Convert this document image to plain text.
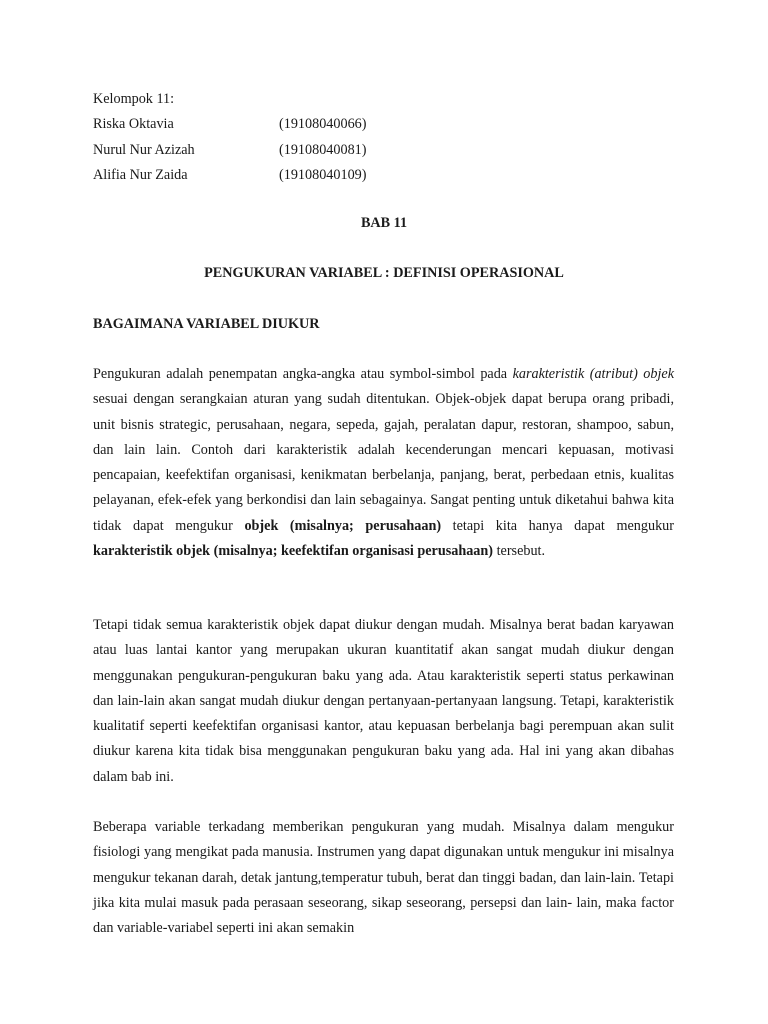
Kelompok 11:
Riska Oktavia	(19108040066)
Nurul Nur Azizah	(19108040081)
Alifia Nur Zaida	(19108040109)
BAB 11
PENGUKURAN VARIABEL : DEFINISI OPERASIONAL
BAGAIMANA VARIABEL DIUKUR

Pengukuran adalah penempatan angka-angka atau symbol-simbol pada karakteristik (atribut) objek sesuai dengan serangkaian aturan yang sudah ditentukan. Objek-objek dapat berupa orang pribadi, unit bisnis strategic, perusahaan, negara, sepeda, gajah, peralatan dapur, restoran, shampoo, sabun, dan lain lain. Contoh dari karakteristik adalah kecenderungan mencari kepuasan, motivasi pencapaian, keefektifan organisasi, kenikmatan berbelanja, panjang, berat, perbedaan etnis, kualitas pelayanan, efek-efek yang berkondisi dan lain sebagainya. Sangat penting untuk diketahui bahwa kita tidak dapat mengukur objek (misalnya; perusahaan) tetapi kita hanya dapat mengukur karakteristik objek (misalnya; keefektifan organisasi perusahaan) tersebut.

Tetapi tidak semua karakteristik objek dapat diukur dengan mudah. Misalnya berat badan karyawan atau luas lantai kantor yang merupakan ukuran kuantitatif akan sangat mudah diukur dengan menggunakan pengukuran-pengukuran baku yang ada. Atau karakteristik seperti status perkawinan dan lain-lain akan sangat mudah diukur dengan pertanyaan-pertanyaan langsung. Tetapi, karakteristik kualitatif seperti keefektifan organisasi kantor, atau kepuasan berbelanja bagi perempuan akan sulit diukur karena kita tidak bisa menggunakan pengukuran baku yang ada. Hal ini yang akan dibahas dalam bab ini.

Beberapa variable terkadang memberikan pengukuran yang mudah. Misalnya dalam mengukur fisiologi yang mengikat pada manusia. Instrumen yang dapat digunakan untuk mengukur ini misalnya mengukur tekanan darah, detak jantung,temperatur tubuh, berat dan tinggi badan, dan lain-lain. Tetapi jika kita mulai masuk pada perasaan seseorang, sikap seseorang, persepsi dan lain- lain, maka factor dan variable-variabel seperti ini akan semakin
